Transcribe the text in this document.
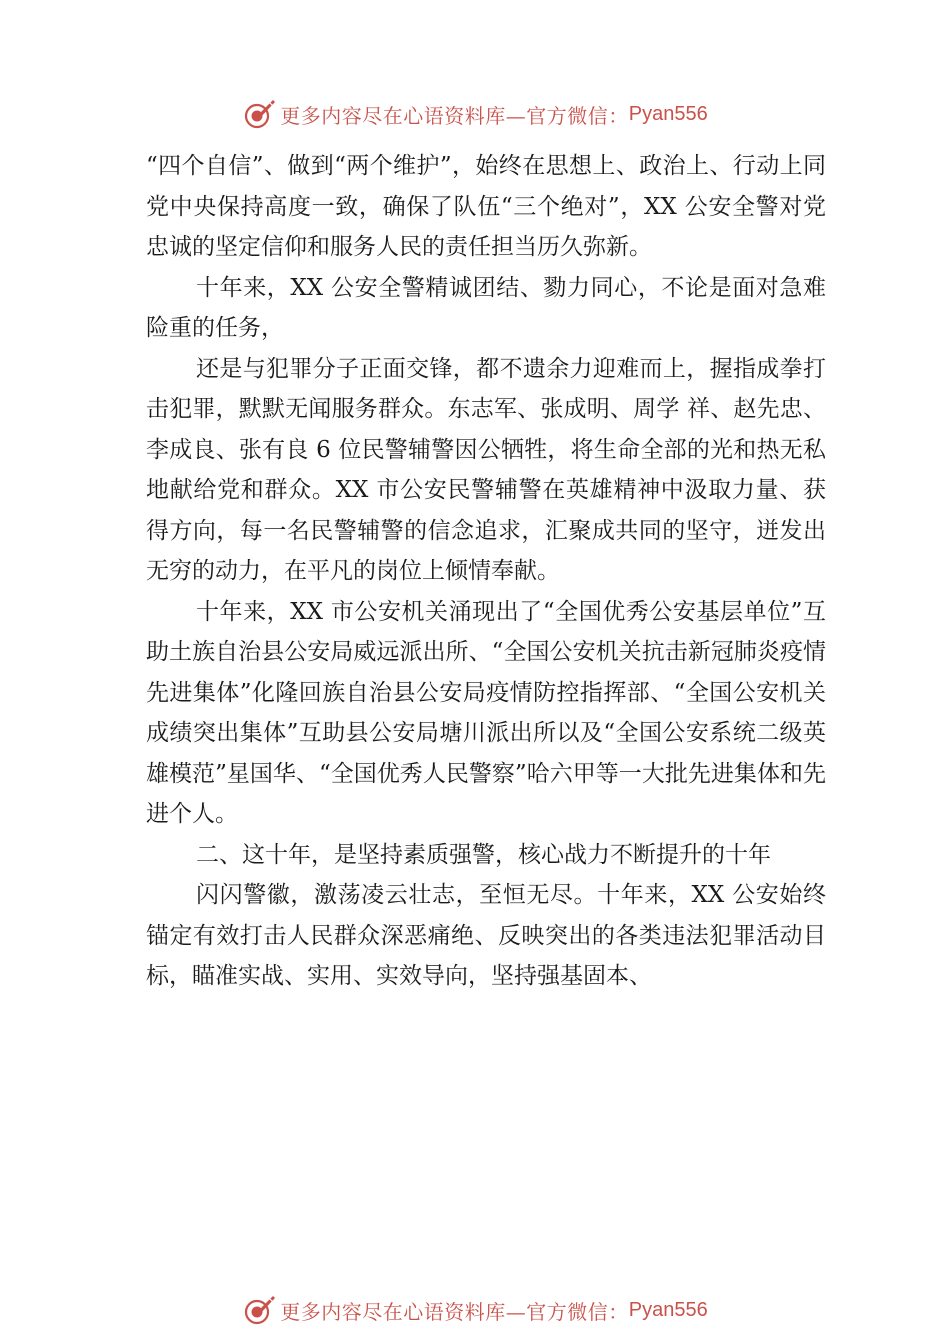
更多内容尽在心语资料库—官方微信： Pyan556

“四个自信”、做到“两个维护”，始终在思想上、政治上、行动上同党中央保持高度一致，确保了队伍“三个绝对”，XX 公安全警对党忠诚的坚定信仰和服务人民的责任担当历久弥新。

十年来，XX 公安全警精诚团结、勠力同心，不论是面对急难险重的任务，

还是与犯罪分子正面交锋，都不遗余力迎难而上，握指成拳打击犯罪，默默无闻服务群众。东志军、张成明、周学 祥、赵先忠、李成良、张有良 6 位民警辅警因公牺牲，将生命全部的光和热无私地献给党和群众。XX 市公安民警辅警在英雄精神中汲取力量、获得方向，每一名民警辅警的信念追求，汇聚成共同的坚守，迸发出无穷的动力，在平凡的岗位上倾情奉献。

十年来，XX 市公安机关涌现出了“全国优秀公安基层单位”互助土族自治县公安局威远派出所、“全国公安机关抗击新冠肺炎疫情先进集体”化隆回族自治县公安局疫情防控指挥部、“全国公安机关成绩突出集体”互助县公安局塘川派出所以及“全国公安系统二级英雄模范”星国华、“全国优秀人民警察”哈六甲等一大批先进集体和先进个人。

二、这十年，是坚持素质强警，核心战力不断提升的十年

闪闪警徽，激荡凌云壮志，至恒无尽。十年来，XX 公安始终锚定有效打击人民群众深恶痛绝、反映突出的各类违法犯罪活动目标，瞄准实战、实用、实效导向，坚持强基固本、

更多内容尽在心语资料库—官方微信： Pyan556
